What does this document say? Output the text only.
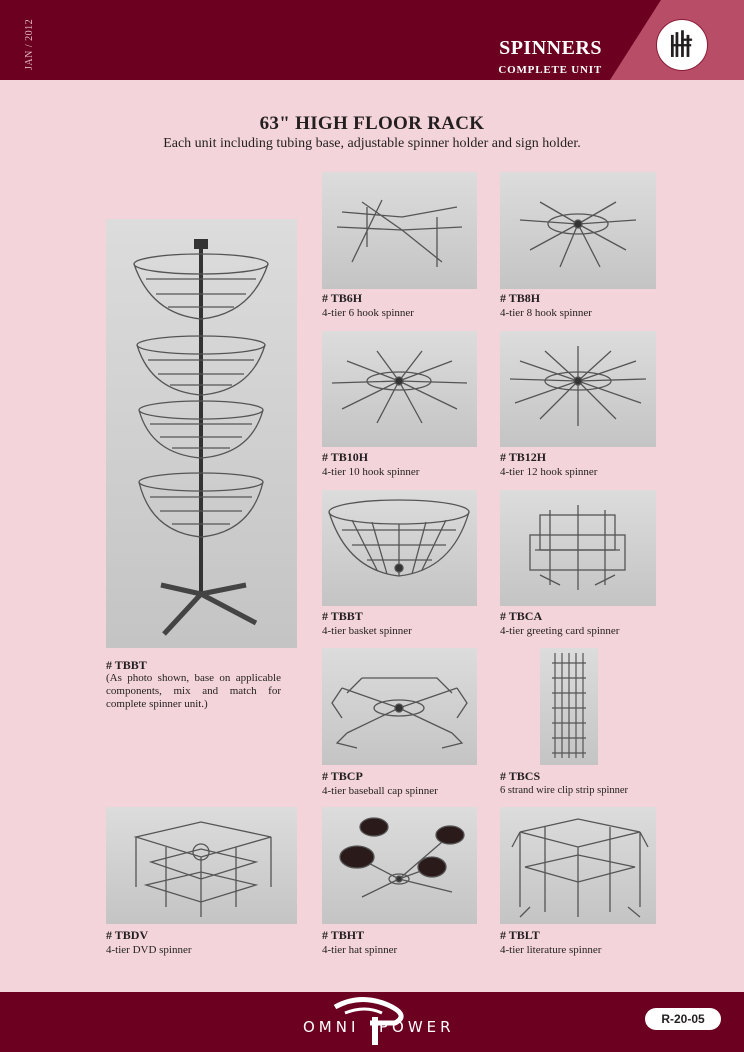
JAN / 2012	SPINNERS
COMPLETE UNIT
63" HIGH FLOOR RACK
Each unit including tubing base, adjustable spinner holder and sign holder.
# TBBT
(As photo shown, base on applicable components, mix and match for complete spinner unit.)
# TB6H
4-tier 6 hook spinner
# TB8H
4-tier 8 hook spinner
# TB10H
4-tier 10 hook spinner
# TB12H
4-tier 12 hook spinner
# TBBT
4-tier basket spinner
# TBCA
4-tier greeting card spinner
# TBCP
4-tier baseball cap spinner
# TBCS
6 strand wire clip strip spinner
# TBDV
4-tier DVD spinner
# TBHT
4-tier hat spinner
# TBLT
4-tier literature spinner
OMNI POWER	R-20-05
